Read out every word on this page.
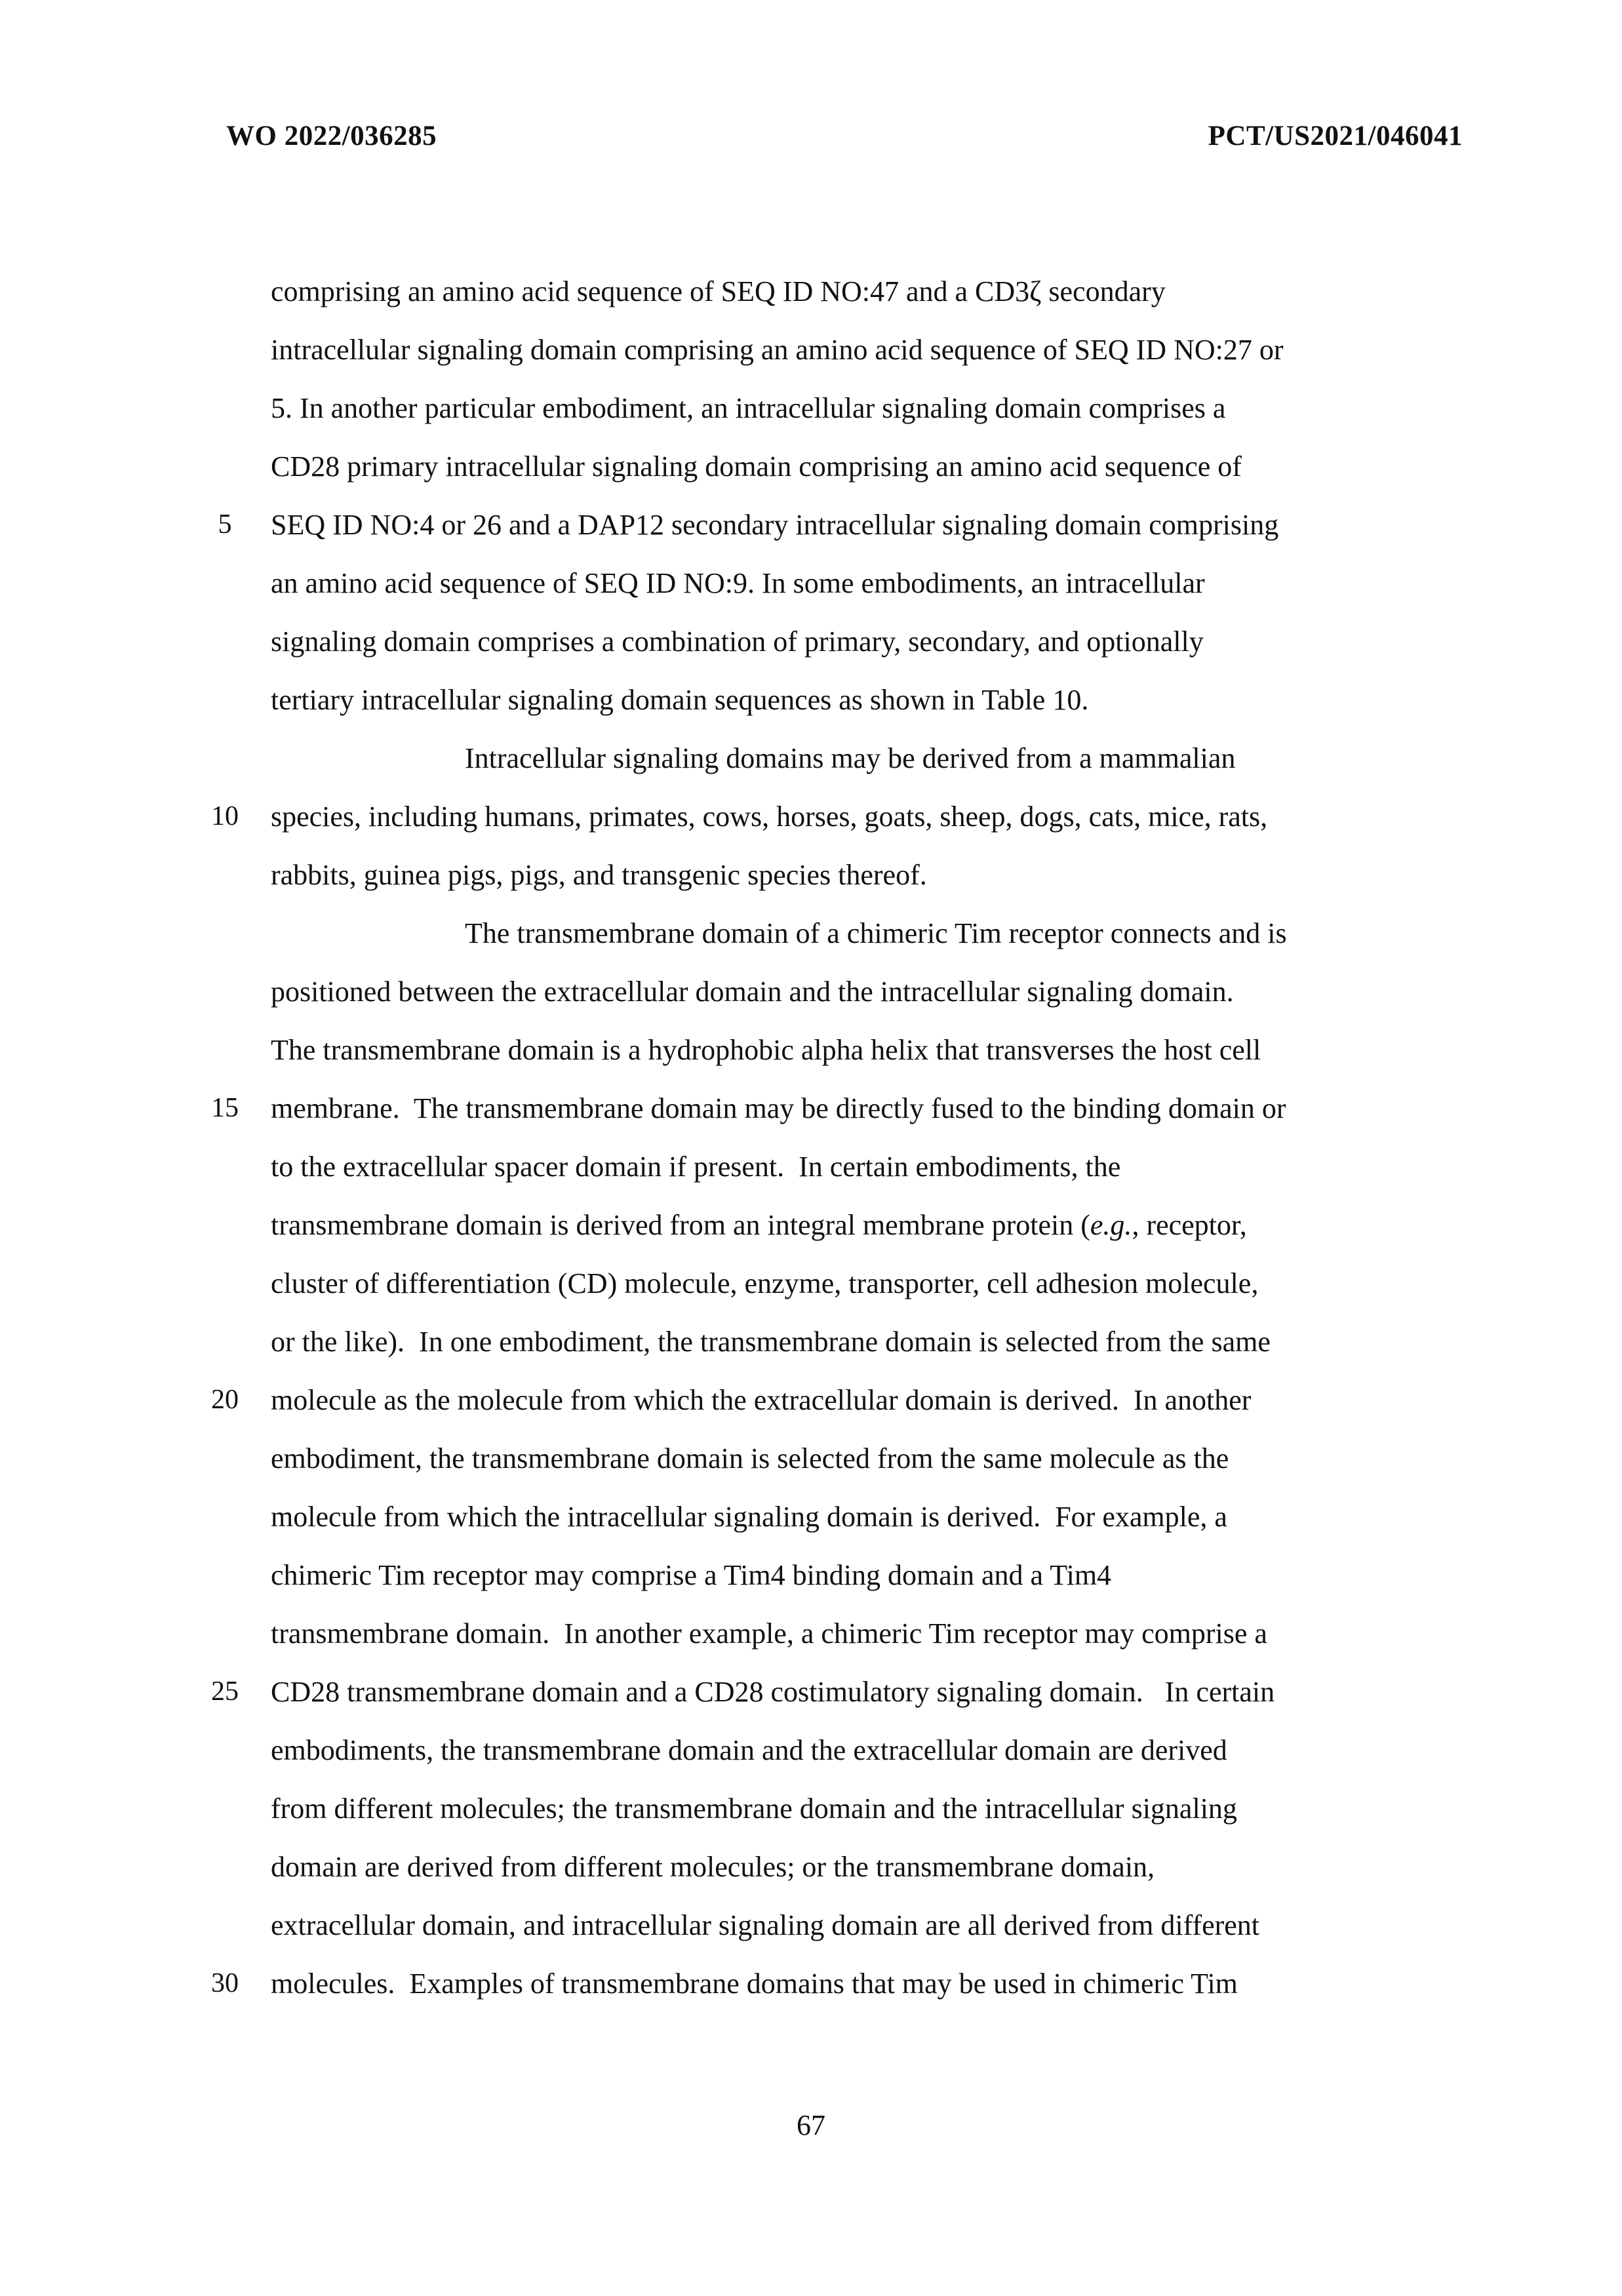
WO 2022/036285	PCT/US2021/046041
comprising an amino acid sequence of SEQ ID NO:47 and a CD3ζ secondary
intracellular signaling domain comprising an amino acid sequence of SEQ ID NO:27 or
5. In another particular embodiment, an intracellular signaling domain comprises a
CD28 primary intracellular signaling domain comprising an amino acid sequence of
5	SEQ ID NO:4 or 26 and a DAP12 secondary intracellular signaling domain comprising
an amino acid sequence of SEQ ID NO:9. In some embodiments, an intracellular
signaling domain comprises a combination of primary, secondary, and optionally
tertiary intracellular signaling domain sequences as shown in Table 10.
Intracellular signaling domains may be derived from a mammalian
10	species, including humans, primates, cows, horses, goats, sheep, dogs, cats, mice, rats,
rabbits, guinea pigs, pigs, and transgenic species thereof.
The transmembrane domain of a chimeric Tim receptor connects and is
positioned between the extracellular domain and the intracellular signaling domain.
The transmembrane domain is a hydrophobic alpha helix that transverses the host cell
15	membrane.  The transmembrane domain may be directly fused to the binding domain or
to the extracellular spacer domain if present.  In certain embodiments, the
transmembrane domain is derived from an integral membrane protein (e.g., receptor,
cluster of differentiation (CD) molecule, enzyme, transporter, cell adhesion molecule,
or the like).  In one embodiment, the transmembrane domain is selected from the same
20	molecule as the molecule from which the extracellular domain is derived.  In another
embodiment, the transmembrane domain is selected from the same molecule as the
molecule from which the intracellular signaling domain is derived.  For example, a
chimeric Tim receptor may comprise a Tim4 binding domain and a Tim4
transmembrane domain.  In another example, a chimeric Tim receptor may comprise a
25	CD28 transmembrane domain and a CD28 costimulatory signaling domain.   In certain
embodiments, the transmembrane domain and the extracellular domain are derived
from different molecules; the transmembrane domain and the intracellular signaling
domain are derived from different molecules; or the transmembrane domain,
extracellular domain, and intracellular signaling domain are all derived from different
30	molecules.  Examples of transmembrane domains that may be used in chimeric Tim
67
